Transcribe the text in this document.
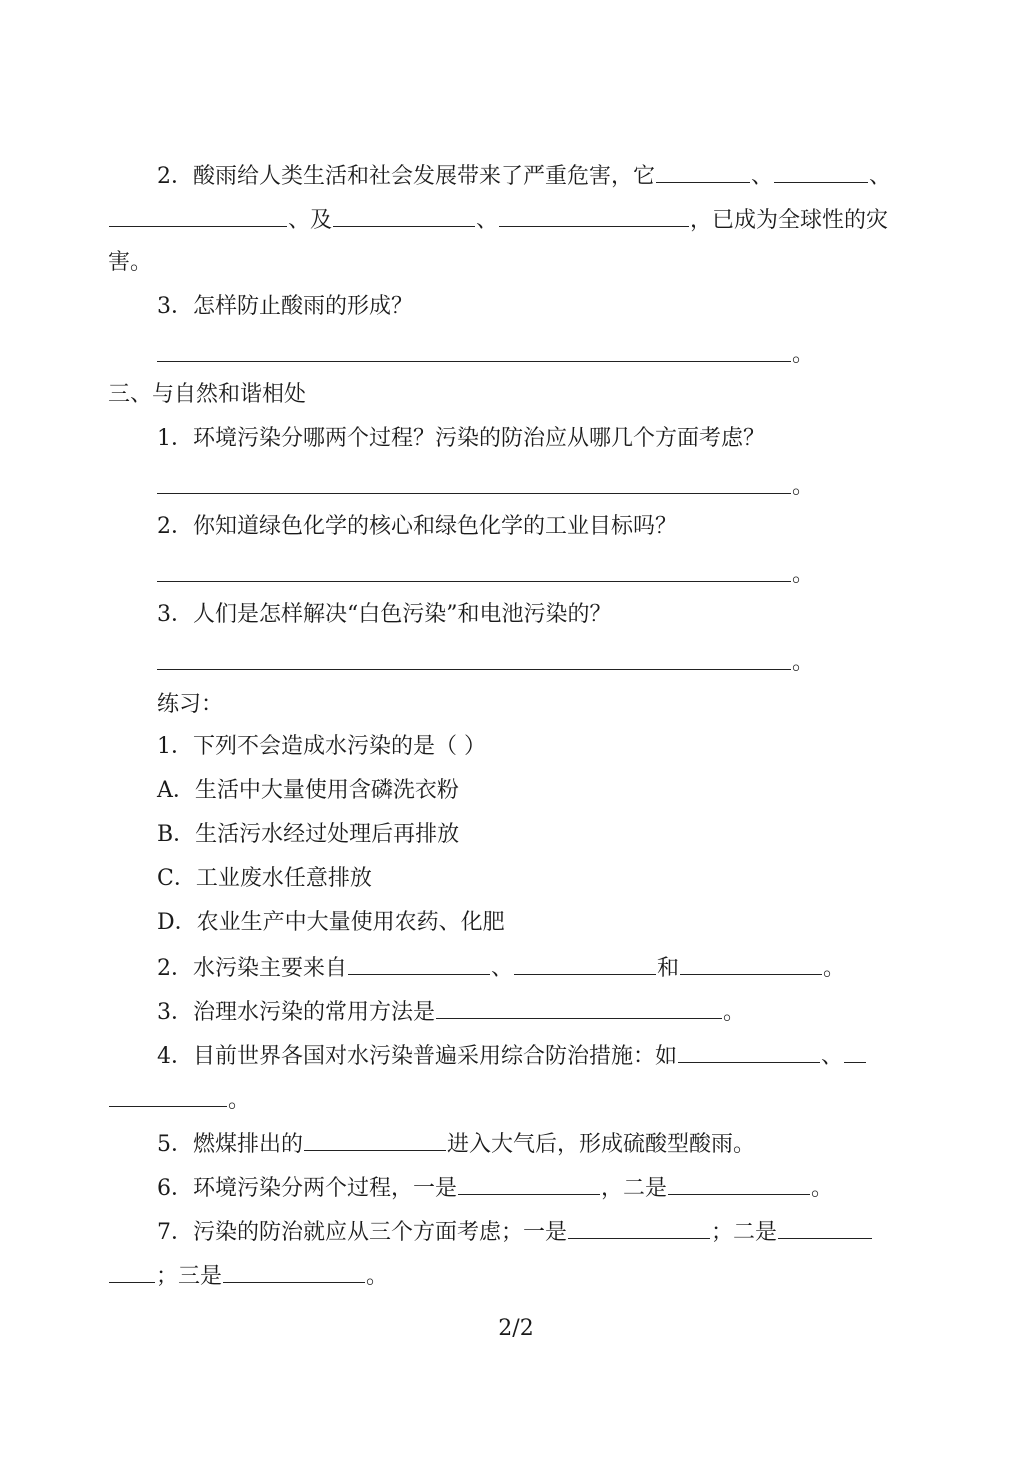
2．酸雨给人类生活和社会发展带来了严重危害，它	、	、
、及	、	，已成为全球性的灾
害。
3．怎样防止酸雨的形成？
。
三、与自然和谐相处
1．环境污染分哪两个过程？污染的防治应从哪几个方面考虑？
。
2．你知道绿色化学的核心和绿色化学的工业目标吗？
。
3．人们是怎样解决“白色污染”和电池污染的？
。
练习：
1．下列不会造成水污染的是（ ）
A．生活中大量使用含磷洗衣粉
B．生活污水经过处理后再排放
C．工业废水任意排放
D．农业生产中大量使用农药、化肥
2．水污染主要来自	、	和	。
3．治理水污染的常用方法是	。
4．目前世界各国对水污染普遍采用综合防治措施：如	、
。
5．燃煤排出的	进入大气后，形成硫酸型酸雨。
6．环境污染分两个过程，一是	，二是	。
7．污染的防治就应从三个方面考虑；一是	；二是
；三是	。
2/2
